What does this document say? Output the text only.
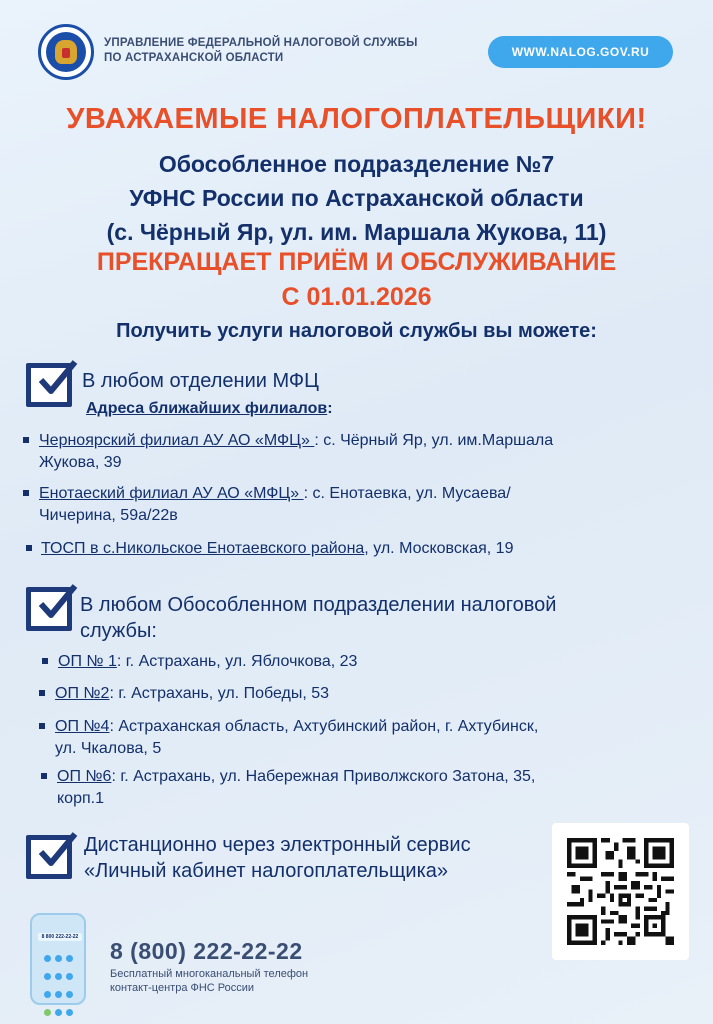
УПРАВЛЕНИЕ ФЕДЕРАЛЬНОЙ НАЛОГОВОЙ СЛУЖБЫ
ПО АСТРАХАНСКОЙ ОБЛАСТИ	WWW.NALOG.GOV.RU
УВАЖАЕМЫЕ НАЛОГОПЛАТЕЛЬЩИКИ!
Обособленное подразделение №7
УФНС России по Астраханской области
(с. Чёрный Яр, ул. им. Маршала Жукова, 11)
ПРЕКРАЩАЕТ ПРИЁМ И ОБСЛУЖИВАНИЕ
С 01.01.2026
Получить услуги налоговой службы вы можете:
В любом отделении МФЦ
Адреса ближайших филиалов:
Черноярский филиал АУ АО «МФЦ» : с. Чёрный Яр, ул. им.Маршала
Жукова, 39
Енотаеский филиал АУ АО «МФЦ» : с. Енотаевка, ул. Мусаева/
Чичерина, 59а/22в
ТОСП в с.Никольское Енотаевского района, ул. Московская, 19
В любом Обособленном подразделении налоговой
службы:
ОП № 1: г. Астрахань, ул. Яблочкова, 23
ОП №2: г. Астрахань, ул. Победы, 53
ОП №4: Астраханская область, Ахтубинский район, г. Ахтубинск,
ул. Чкалова, 5
ОП №6: г. Астрахань, ул. Набережная Приволжского Затона, 35,
корп.1
Дистанционно через электронный сервис
«Личный кабинет налогоплательщика»
8 800 222-22-22

8 (800) 222-22-22
Бесплатный многоканальный телефон
контакт-центра ФНС России
